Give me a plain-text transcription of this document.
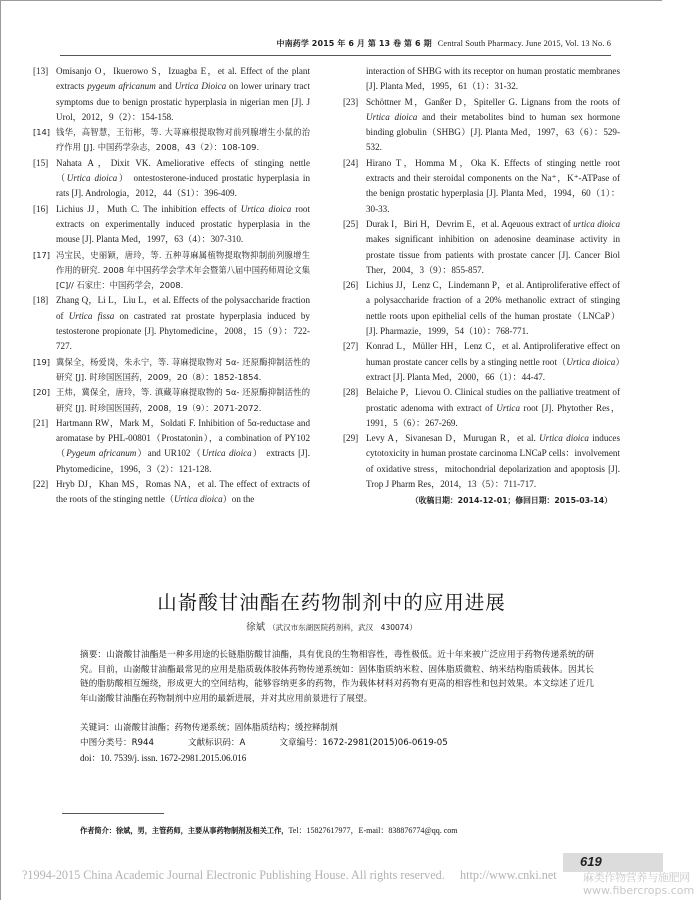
中南药学 2015 年 6 月 第 13 卷 第 6 期 Central South Pharmacy. June 2015, Vol. 13 No. 6
[13] Omisanjo O，Ikuerowo S，Izuagba E，et al. Effect of the plant extracts pygeum africanum and Urtica Dioica on lower urinary tract symptoms due to benign prostatic hyperplasia in nigerian men [J]. J Urol，2012，9（2）：154-158.
[14] 钱华，高智慧，王衍彬，等. 大荨麻根提取物对前列腺增生小鼠的治疗作用 [J]. 中国药学杂志，2008，43（2）：108-109.
[15] Nahata A，Dixit VK. Ameliorative effects of stinging nettle （Urtica dioica） ontestosterone-induced prostatic hyperplasia in rats [J]. Andrologia，2012，44（S1）：396-409.
[16] Lichius JJ，Muth C. The inhibition effects of Urtica dioica root extracts on experimentally induced prostatic hyperplasia in the mouse [J]. Planta Med，1997，63（4）：307-310.
[17] 冯宝民，史丽颖，唐玲，等. 五种荨麻属植物提取物抑制前列腺增生作用的研究. 2008 年中国药学会学术年会暨第八届中国药师周论文集 [C]// 石家庄：中国药学会，2008.
[18] Zhang Q，Li L，Liu L，et al. Effects of the polysaccharide fraction of Urtica fissa on castrated rat prostate hyperplasia induced by testosterone propionate [J]. Phytomedicine，2008，15（9）：722-727.
[19] 冀保全，杨爱岗，朱永宁，等. 荨麻提取物对 5α- 还原酶抑制活性的研究 [J]. 时珍国医国药，2009，20（8）：1852-1854.
[20] 王炜，冀保全，唐玲，等. 滇藏荨麻提取物的 5α- 还原酶抑制活性的研究 [J]. 时珍国医国药，2008，19（9）：2071-2072.
[21] Hartmann RW，Mark M，Soldati F. Inhibition of 5α-reductase and aromatase by PHL-00801（Prostatonin），a combination of PY102（Pygeum africanum）and UR102（Urtica dioica） extracts [J]. Phytomedicine，1996，3（2）：121-128.
[22] Hryb DJ，Khan MS，Romas NA，et al. The effect of extracts of the roots of the stinging nettle（Urtica dioica）on the
interaction of SHBG with its receptor on human prostatic membranes [J]. Planta Med，1995，61（1）：31-32.
[23] Schöttner M，Ganßer D，Spiteller G. Lignans from the roots of Urtica dioica and their metabolites bind to human sex hormone binding globulin（SHBG）[J]. Planta Med，1997，63（6）：529-532.
[24] Hirano T，Homma M，Oka K. Effects of stinging nettle root extracts and their steroidal components on the Na⁺，K⁺-ATPase of the benign prostatic hyperplasia [J]. Planta Med，1994，60（1）：30-33.
[25] Durak I，Biri H，Devrim E，et al. Aqeuous extract of urtica dioica makes significant inhibition on adenosine deaminase activity in prostate tissue from patients with prostate cancer [J]. Cancer Biol Ther，2004，3（9）：855-857.
[26] Lichius JJ，Lenz C，Lindemann P，et al. Antiproliferative effect of a polysaccharide fraction of a 20% methanolic extract of stinging nettle roots upon epithelial cells of the human prostate（LNCaP）[J]. Pharmazie，1999，54（10）：768-771.
[27] Konrad L，Müller HH，Lenz C，et al. Antiproliferative effect on human prostate cancer cells by a stinging nettle root（Urtica dioica）extract [J]. Planta Med，2000，66（1）：44-47.
[28] Belaiche P，Lievou O. Clinical studies on the palliative treatment of prostatic adenoma with extract of Urtica root [J]. Phytother Res，1991，5（6）：267-269.
[29] Levy A，Sivanesan D，Murugan R，et al. Urtica dioica induces cytotoxicity in human prostate carcinoma LNCaP cells：involvement of oxidative stress，mitochondrial depolarization and apoptosis [J]. Trop J Pharm Res，2014，13（5）：711-717.
（收稿日期：2014-12-01；修回日期：2015-03-14）
山嵛酸甘油酯在药物制剂中的应用进展
徐斌 （武汉市东湖医院药剂科，武汉　430074）
摘要：山嵛酸甘油酯是一种多用途的长链脂肪酸甘油酯，具有优良的生物相容性，毒性极低。近十年来被广泛应用于药物传递系统的研究。目前，山嵛酸甘油酯最常见的应用是脂质载体胶体药物传递系统如：固体脂质纳米粒、固体脂质微粒、纳米结构脂质载体。因其长链的脂肪酸相互缠绕，形成更大的空间结构，能够容纳更多的药物，作为载体材料对药物有更高的相容性和包封效果。本文综述了近几年山嵛酸甘油酯在药物制剂中应用的最新进展，并对其应用前景进行了展望。
关键词：山嵛酸甘油酯；药物传递系统；固体脂质结构；缓控释制剂
中图分类号：R944	文献标识码：A	文章编号：1672-2981(2015)06-0619-05
doi：10. 7539/j. issn. 1672-2981.2015.06.016
作者简介：徐斌，男，主管药师，主要从事药物制剂及相关工作，Tel：15827617977，E-mail：838876774@qq. com
?1994-2015 China Academic Journal Electronic Publishing House. All rights reserved.　 http://www.cnki.net
619
麻类作物营养与施肥网
www.fibercrops.com
